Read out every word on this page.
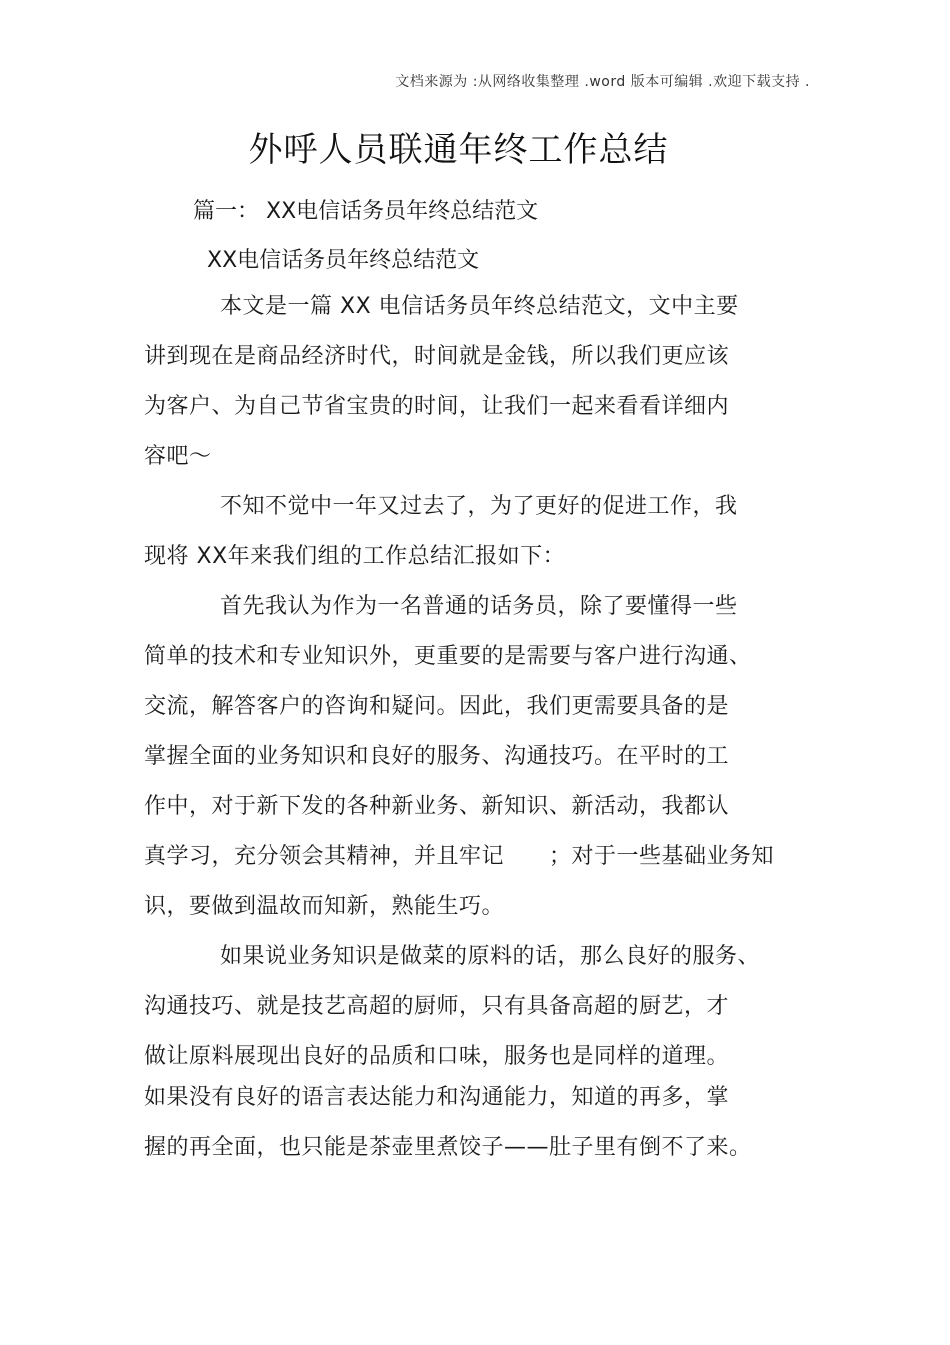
文档来源为 :从网络收集整理 .word 版本可编辑 .欢迎下载支持 .
外呼人员联通年终工作总结
篇一： XX电信话务员年终总结范文
XX电信话务员年终总结范文
本文是一篇 XX 电信话务员年终总结范文，文中主要
讲到现在是商品经济时代，时间就是金钱，所以我们更应该
为客户、为自己节省宝贵的时间，让我们一起来看看详细内
容吧～
不知不觉中一年又过去了，为了更好的促进工作，我
现将 XX年来我们组的工作总结汇报如下：
首先我认为作为一名普通的话务员，除了要懂得一些
简单的技术和专业知识外，更重要的是需要与客户进行沟通、
交流，解答客户的咨询和疑问。因此，我们更需要具备的是
掌握全面的业务知识和良好的服务、沟通技巧。在平时的工
作中，对于新下发的各种新业务、新知识、新活动，我都认
真学习，充分领会其精神，并且牢记　　；对于一些基础业务知
识，要做到温故而知新，熟能生巧。
如果说业务知识是做菜的原料的话，那么良好的服务、
沟通技巧、就是技艺高超的厨师，只有具备高超的厨艺，才
做让原料展现出良好的品质和口味，服务也是同样的道理。
如果没有良好的语言表达能力和沟通能力，知道的再多，掌
握的再全面，也只能是茶壶里煮饺子——肚子里有倒不了来。
